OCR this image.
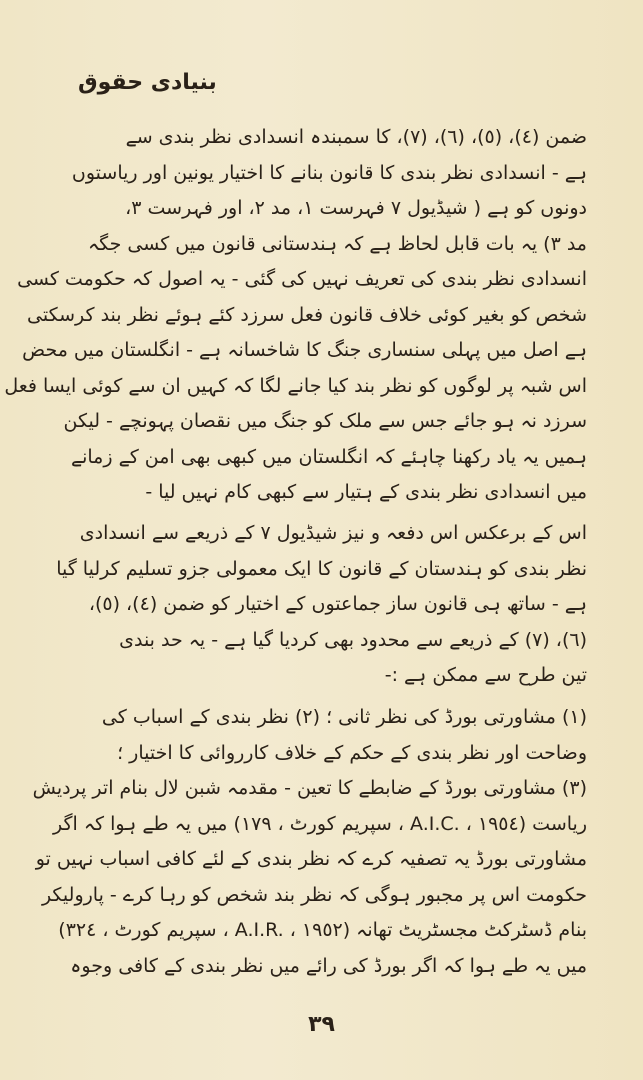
بنیادی حقوق
ضمن (٤)، (٥)، (٦)، (٧)، کا سمبندہ انسدادی نظر بندی سے
ہے - انسدادی نظر بندی کا قانون بنانے کا اختیار یونین اور ریاستوں
دونوں کو ہے ( شیڈیول ۷ فہرست ۱، مد ۲، اور فہرست ۳،
مد ۳) یہ بات قابل لحاظ ہے کہ ہندستانی قانون میں کسی جگہ
انسدادی نظر بندی کی تعریف نہیں کی گئی - یہ اصول کہ حکومت کسی
شخص کو بغیر کوئی خلاف قانون فعل سرزد کئے ہوئے نظر بند کرسکتی
ہے اصل میں پہلی سنساری جنگ کا شاخسانہ ہے - انگلستان میں محض
اس شبہ پر لوگوں کو نظر بند کیا جانے لگا کہ کہیں ان سے کوئی ایسا فعل
سرزد نہ ہو جائے جس سے ملک کو جنگ میں نقصان پہونچے - لیکن
ہمیں یہ یاد رکھنا چاہئے کہ انگلستان میں کبھی بھی امن کے زمانے
میں انسدادی نظر بندی کے ہتیار سے کبھی کام نہیں لیا -
اس کے برعکس اس دفعہ و نیز شیڈیول ۷ کے ذریعے سے انسدادی
نظر بندی کو ہندستان کے قانون کا ایک معمولی جزو تسلیم کرلیا گیا
ہے - ساتھ ہی قانون ساز جماعتوں کے اختیار کو ضمن (٤)، (٥)،
(٦)، (٧) کے ذریعے سے محدود بھی کردیا گیا ہے - یہ حد بندی
تین طرح سے ممکن ہے :-
(۱) مشاورتی بورڈ کی نظر ثانی ؛ (۲) نظر بندی کے اسباب کی
وضاحت اور نظر بندی کے حکم کے خلاف کارروائی کا اختیار ؛
(۳) مشاورتی بورڈ کے ضابطے کا تعین - مقدمہ شبن لال بنام اتر پردیش
ریاست (A.I.C. ، ۱۹٥٤ ، سپریم کورٹ ، ۱۷۹) میں یہ طے ہوا کہ اگر
مشاورتی بورڈ یہ تصفیہ کرے کہ نظر بندی کے لئے کافی اسباب نہیں تو
حکومت اس پر مجبور ہوگی کہ نظر بند شخص کو رہا کرے - پارولیکر
بنام ڈسٹرکٹ مجسٹریٹ تھانہ (A.I.R. ، ۱۹٥۲ ، سپریم کورٹ ، ۳۲٤)
میں یہ طے ہوا کہ اگر بورڈ کی رائے میں نظر بندی کے کافی وجوہ
۳۹
